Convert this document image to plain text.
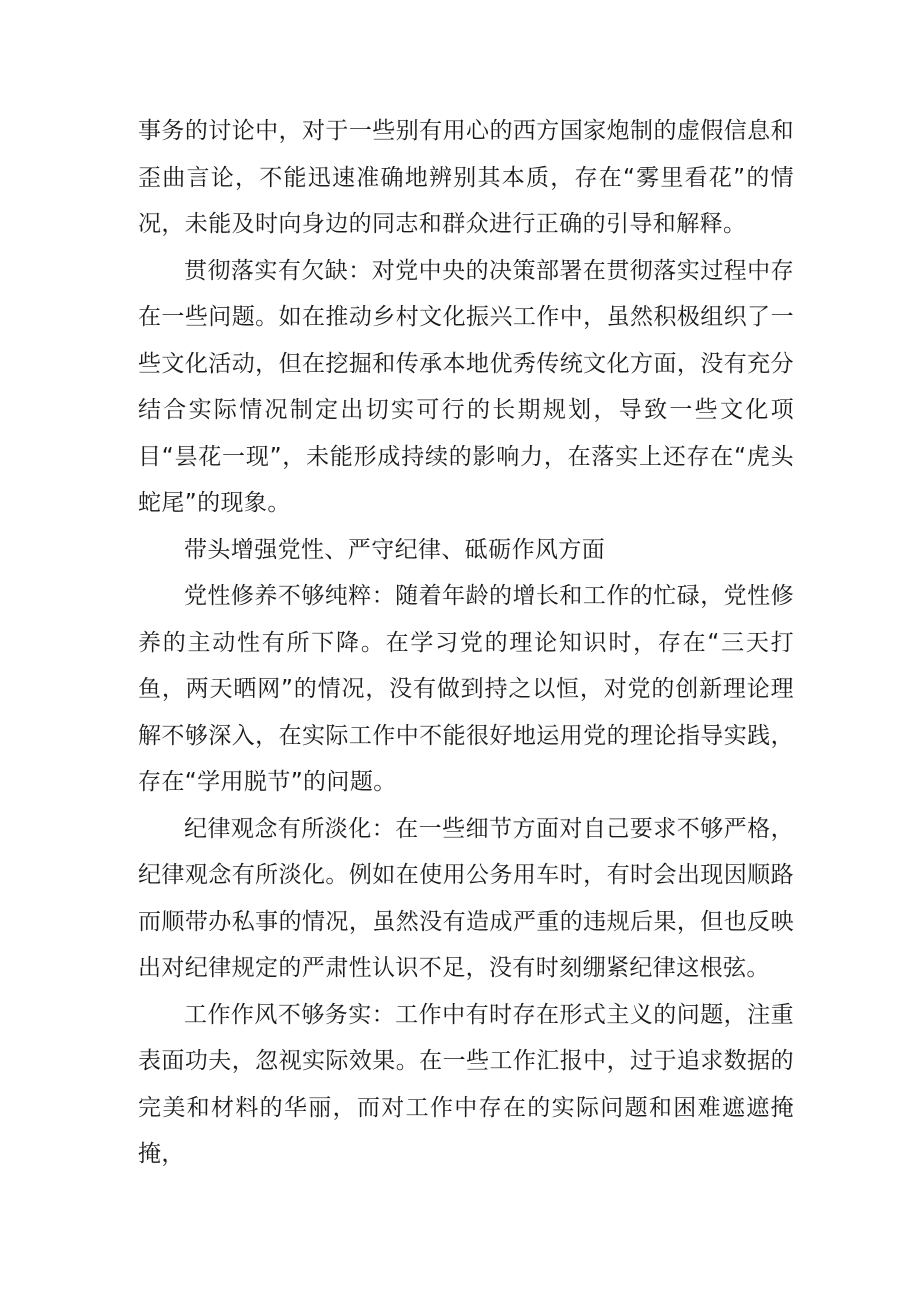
事务的讨论中，对于一些别有用心的西方国家炮制的虚假信息和歪曲言论，不能迅速准确地辨别其本质，存在“雾里看花”的情况，未能及时向身边的同志和群众进行正确的引导和解释。

贯彻落实有欠缺：对党中央的决策部署在贯彻落实过程中存在一些问题。如在推动乡村文化振兴工作中，虽然积极组织了一些文化活动，但在挖掘和传承本地优秀传统文化方面，没有充分结合实际情况制定出切实可行的长期规划，导致一些文化项目“昙花一现”，未能形成持续的影响力，在落实上还存在“虎头蛇尾”的现象。

带头增强党性、严守纪律、砥砺作风方面

党性修养不够纯粹：随着年龄的增长和工作的忙碌，党性修养的主动性有所下降。在学习党的理论知识时，存在“三天打鱼，两天晒网”的情况，没有做到持之以恒，对党的创新理论理解不够深入，在实际工作中不能很好地运用党的理论指导实践，存在“学用脱节”的问题。

纪律观念有所淡化：在一些细节方面对自己要求不够严格，纪律观念有所淡化。例如在使用公务用车时，有时会出现因顺路而顺带办私事的情况，虽然没有造成严重的违规后果，但也反映出对纪律规定的严肃性认识不足，没有时刻绷紧纪律这根弦。

工作作风不够务实：工作中有时存在形式主义的问题，注重表面功夫，忽视实际效果。在一些工作汇报中，过于追求数据的完美和材料的华丽，而对工作中存在的实际问题和困难遮遮掩掩，
